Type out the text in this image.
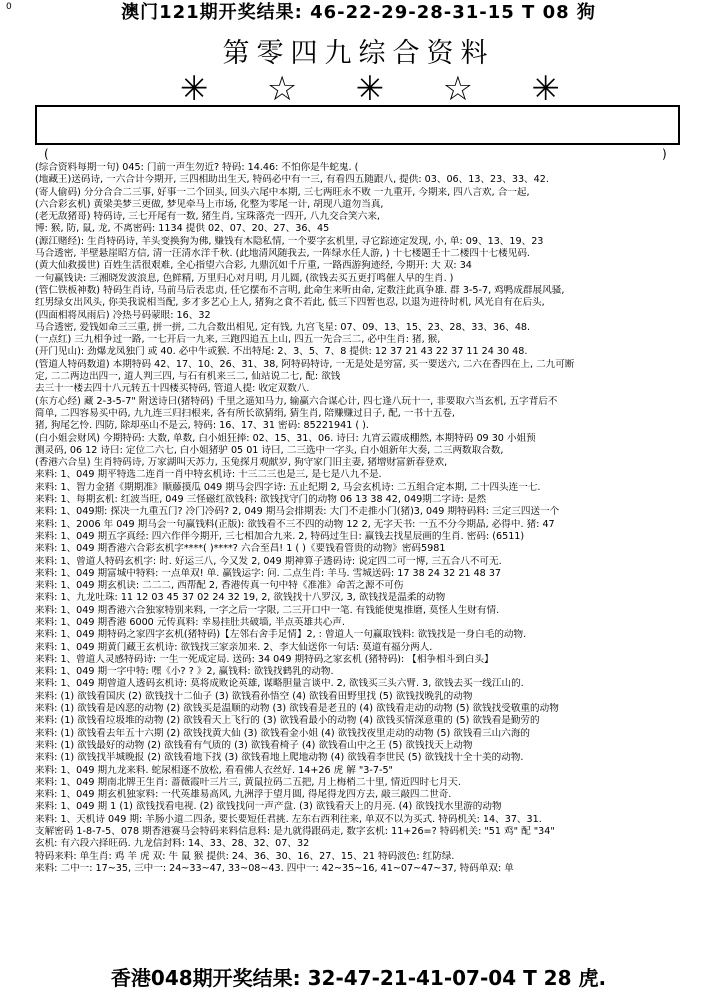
0	澳门121期开奖结果: 46-22-29-28-31-15 T 08 狗
第零四九综合资料
✳ ☆ ✳ ☆ ✳
(	)
(综合资料每期一句) 045: 门前一声生勿近? 特码: 14.46: 不怕你是牛蛇鬼. (
(地藏王)送码诗, 一六合计今期开, 三四相助出生天, 特码必中有一三, 有看四五随跟八, 提供: 03、06、13、23、33、42.
(寄人偷码) 分分合合二三事, 好事一二个回头, 回头六尾中本期, 三七两旺永不败 一九重开, 今期来, 四八言欢, 合一起,
(六合彩玄机) 黄梁美梦三更做, 梦见牵马上市场, 化整为零尾一计, 胡现八道勿当真,
(老无敌猪哥) 特码诗, 三七开尾有一数, 猪生肖, 宝珠落壳一四开, 八九交合笑六来,
博: 猴, 防, 鼠, 龙, 不离密码: 1134 提供 02、07、20、27、36、45
(源江赌经): 生肖特码诗, 羊头变换狗为佛, 赚钱有木隐私情, 一个要字玄机里, 寻它踪迹定发现, 小, 单: 09、13、19、23
马合透密, 半壁悬崖昭方信, 清一汪清水洋千秋. (此地清风随我去, 一阵绿水任人游, ) 十七楼题壬十二楼四十七楼见码.
(黄大仙救援世) 百姓生活很艰难, 全心指望六合彩, 九鼎沉如千斤重, 一路西游狗迹经, 今期开: 大 双: 34
一句赢钱诀: 三湘晓发波浪息, 色鲜精, 万里归心对月明, 月儿圆, (欲钱去买五更打鸣催人早的生肖. )
(管仁铁板神数) 特码生肖诗, 马前马后表忠贞, 任它摆布不言明, 此命生来听由命, 定数注此真争雄. 群 3-5-7, 鸡鸭成群展风骚,
红男绿女出风头, 你美我说相当配, 多才多艺心上人, 猪狗之食不若此, 低三下四暂也忍, 以退为进待时机, 风光自有在后头,
(四面相将凤雨后) 冷热号码蒙眼: 16、32
马合透密, 爱钱如命三三重, 拼一拼, 二九合数出相见, 定有钱, 九宫飞星: 07、09、13、15、23、28、33、36、48.
(一点红) 三九相争过一路, 一七开后一九来, 三跑四追五上山, 四五一先合三二, 必中生肖: 猪, 猴,
(开门见山): 劲爆龙凤独门 或 40. 必中牛或猴. 不出特尾: 2、3、5、7、8 提供: 12 37 21 43 22 37 11 24 30 48.
(管道人特码数道) 本期特码 42、17、10、26、31、38, 阿特码特诗, 一无是处是穷富, 买一要送六, 二六在香四在上, 二九可断
定, 二二两边出四一, 道人判三四, 与石有机来三二, 仙站说二七, 配: 欲钱
去三十一楼去四十八元转五十四楼买特码, 管道人提: 收定双数八.
(东方心经) 藏 2-3-5-7" 附送诗曰(猪特码) 千里之遥知马力, 输赢六合谋心计, 四七逢八玩十一, 非要取六当玄机, 五字背后不
简单, 二四容易买中码, 九九连三归扫根来, 各有所长欲猜绢, 猜生肖, 陪赚赚过日子, 配, 一书十五卷,
猪, 狗尾乞怜. 四防, 除却巫山不是云, 特码: 16、17、31 密码: 85221941 ( ).
(白小姐会财风) 今期特码: 大数, 单数, 白小姐狂捧: 02、15、31、06. 诗曰: 九宵云霞成棚然, 本期特码 09 30 小姐预
测灵码, 06 12 诗曰: 定位二六七, 白小姐猪驴 05 01 诗曰, 二三选中一字头, 白小姐新年大奏, 二三两数取合数,
(香港六合皇) 生肖特码诗, 万家湖叫天苏力, 玉兔探月观献岁, 狗守家门旧主妻, 猪增财富新春登欢,
来料: 1、049 期平特选二连肖一肖中特玄机诗: 十三二三也是三, 是七是八九不是.
来料: 1、智力金猪《期期准》顺藤摸瓜 049 期马会四字诗: 五止纪期 2, 马会玄机诗: 二五组合定本期, 二十四头连一七.
来料: 1、每期玄机: 红波当旺, 049 三怪磁红欲钱科: 欲钱找守门的动物 06 13 38 42, 049期二字诗: 是然
来料: 1、049期: 探决一九重五门? 冷门冷码? 2, 049 期马会排期表: 大门不走推小门(猪)3, 049 期特码料: 三定三四送一个
来料: 1、2006 年 049 期马会一句赢钱料(正版): 欲钱看不三不四的动物 12 2, 无字天书: 一五不分今期晶, 必得中. 猪: 47
来料: 1、049 期五字真经: 四六作伴今期开, 三七相加合九来. 2, 特码过生日: 赢钱去找星辰画的生肖. 密码: (6511)
来料: 1、049 期香港六合彩玄机字****( )****? 六合至昌! 1 ( )《要钱看管贵的动物》密码5981
来料: 1、曾道人特码玄机字: 时. 好运三八, 今又发 2, 049 期神算子透码诗: 说定四二可一博, 三五合八不可无.
来料: 1、049 期富城中特料: 一点单双! 单. 赢钱运字: 问. 二点生肖: 羊马. 雪城送码: 17 38 24 32 21 48 37
来料: 1、049 期玄机诀: 二二二, 西帮配 2, 香港传真一句中特《准准》命苦之源不可伤
来料: 1、九龙吐珠: 11 12 03 45 37 02 24 32 19, 2, 欲钱找十八罗汉, 3, 欲钱找是温柔的动物
来料: 1、049 期香港六合独家特别来料, 一字之后一字限, 二三开口中一笔. 有钱能使鬼推磨, 莫怪人生财有情.
来料: 1、049 期香港 6000 元传真料: 幸易挂肚共破墙, 半点英雄共心声.
来料: 1、049 期特码之家四字玄机(猪特码)【左邻右舍手足情】2, : 曾道人一句赢取钱料: 欲钱找是一身白毛的动物.
来料: 1、049 期黄门藏王玄机诗: 欲钱找三家亲加来. 2、李大仙送你一句话: 莫道有福分两人.
来料: 1、曾道人灵感特码诗: 一生一死成定局. 送码: 34 049 期特码之家玄机 (猪特码): 【相争相斗到白头】
来料: 1、049 期一字中特: 嘿《小? ? 》2, 赢钱料: 欲钱找鹤乳的动物.
来料: 1、049 期曾道人透码玄机诗: 莫将成败论英雄, 谋略胆量言谈中. 2, 欲钱买三头六臂. 3, 欲钱去买一线江山的.
来料: (1) 欲钱看国庆 (2) 欲钱找十二仙子 (3) 欲钱看孙悟空 (4) 欲钱看田野里找 (5) 欲钱找晚乳的动物
来料: (1) 欲钱看是凶恶的动物 (2) 欲钱买是温顺的动物 (3) 欲钱看是老丑的 (4) 欲钱看走动的动物 (5) 欲钱找受敬重的动物
来料: (1) 欲钱看垃圾堆的动物 (2) 欲钱看天上飞行的 (3) 欲钱看最小的动物 (4) 欲钱买情深意重的 (5) 欲钱看是勤劳的
来料: (1) 欲钱看去年五十六期 (2) 欲钱找黄大仙 (3) 欲钱看金小姐 (4) 欲钱找夜里走动的动物 (5) 欲钱看三山六海的
来料: (1) 欲钱最好的动物 (2) 欲钱看有气质的 (3) 欲钱看椅子 (4) 欲钱看山中之王 (5) 欲钱找天上动物
来料: (1) 欲钱找半城晚报 (2) 欲钱看地下找 (3) 欲钱看地上爬地动物 (4) 欲钱看李世民 (5) 欲钱找十全十美的动物.
来料: 1、049 期九龙来料. 蛇尿相逐不放松, 看看佛人衣丝好. 14+26 虎 解 "3-7-5"
来料: 1、049 期南北牌王生肖: 蔷薇霞叶三片三, 黄鼠拉码二五把, 月上梅梢二十里, 情近四时七月天.
来料: 1、049 期玄机独家料: 一代英雄易高风, 九洲浮于望月圆, 得尾得龙四方去, 敲三敲四二世奇.
来料: 1、049 期 1 (1) 欲钱找看电视. (2) 欲钱找问一声产盘. (3) 欲钱看天上的月亮. (4) 欲钱找水里游的动物
来料: 1、天机诗 049 期: 羊肠小道二四条, 要长要短任君挑. 左东右西利往来, 单双不以为买式. 特码机关: 14、37、31.
支解密码 1-8-7-5、078 期香港赛马会特码来料信息料: 是九就得跟码走, 数字玄机: 11+26=? 特码机关: "51 鸡" 配 "34"
玄机: 有六段六择旺码. 九龙信封料: 14、33、28、32、07、32
特码来料: 单生肖: 鸡 羊 虎 双: 牛 鼠 猴 提供: 24、36、30、16、27、15、21 特码波色: 红防绿.
来料: 二中一: 17~35, 三中一: 24~33~47, 33~08~43. 四中一: 42~35~16, 41~07~47~37, 特码单双: 单
香港048期开奖结果: 32-47-21-41-07-04 T 28 虎.
